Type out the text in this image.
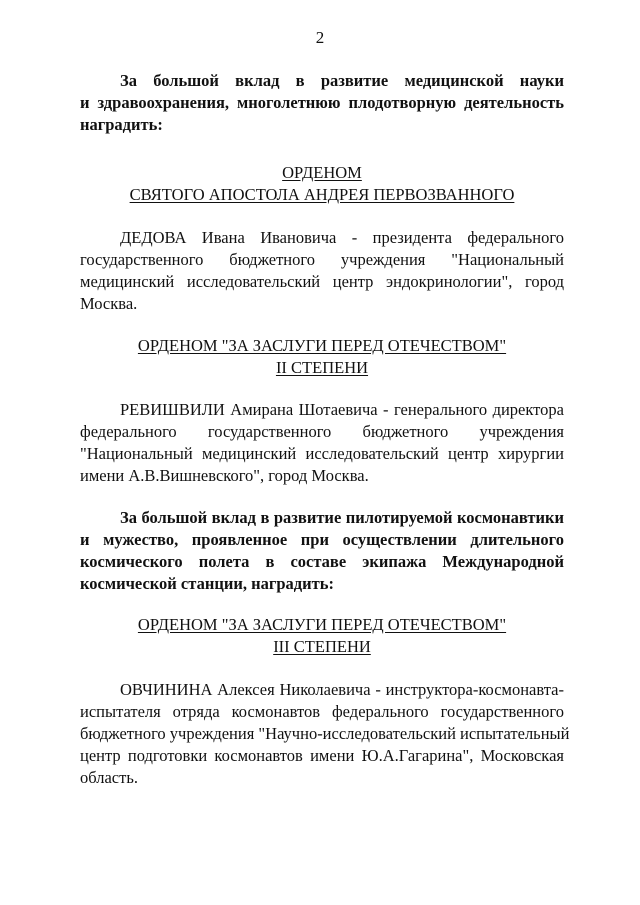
2
За большой вклад в развитие медицинской науки
и здравоохранения, многолетнюю плодотворную деятельность
наградить:
ОРДЕНОМ
СВЯТОГО АПОСТОЛА АНДРЕЯ ПЕРВОЗВАННОГО
ДЕДОВА Ивана Ивановича - президента федерального
государственного бюджетного учреждения "Национальный
медицинский исследовательский центр эндокринологии", город
Москва.
ОРДЕНОМ "ЗА ЗАСЛУГИ ПЕРЕД ОТЕЧЕСТВОМ"
II СТЕПЕНИ
РЕВИШВИЛИ Амирана Шотаевича - генерального директора
федерального государственного бюджетного учреждения
"Национальный медицинский исследовательский центр хирургии
имени А.В.Вишневского", город Москва.
За большой вклад в развитие пилотируемой космонавтики
и мужество, проявленное при осуществлении длительного
космического полета в составе экипажа Международной
космической станции, наградить:
ОРДЕНОМ "ЗА ЗАСЛУГИ ПЕРЕД ОТЕЧЕСТВОМ"
III СТЕПЕНИ
ОВЧИНИНА Алексея Николаевича - инструктора-космонавта-
испытателя отряда космонавтов федерального государственного
бюджетного учреждения "Научно-исследовательский испытательный
центр подготовки космонавтов имени Ю.А.Гагарина", Московская
область.
